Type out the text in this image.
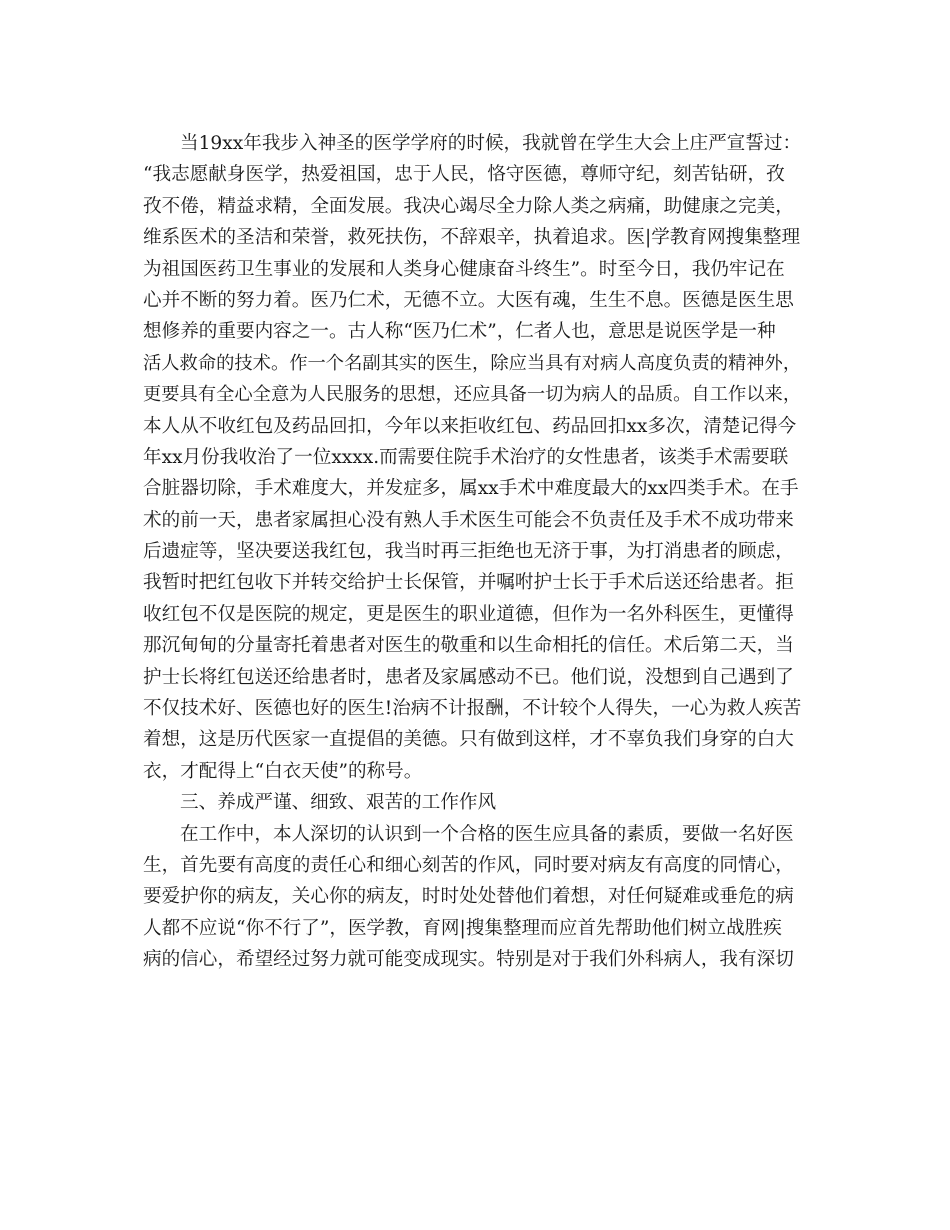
当19xx年我步入神圣的医学学府的时候，我就曾在学生大会上庄严宣誓过：
“我志愿献身医学，热爱祖国，忠于人民，恪守医德，尊师守纪，刻苦钻研，孜
孜不倦，精益求精，全面发展。我决心竭尽全力除人类之病痛，助健康之完美，
维系医术的圣洁和荣誉，救死扶伤，不辞艰辛，执着追求。医|学教育网搜集整理
为祖国医药卫生事业的发展和人类身心健康奋斗终生”。时至今日，我仍牢记在
心并不断的努力着。医乃仁术，无德不立。大医有魂，生生不息。医德是医生思
想修养的重要内容之一。古人称“医乃仁术”，仁者人也，意思是说医学是一种
活人救命的技术。作一个名副其实的医生，除应当具有对病人高度负责的精神外，
更要具有全心全意为人民服务的思想，还应具备一切为病人的品质。自工作以来，
本人从不收红包及药品回扣，今年以来拒收红包、药品回扣xx多次，清楚记得今
年xx月份我收治了一位xxxx.而需要住院手术治疗的女性患者，该类手术需要联
合脏器切除，手术难度大，并发症多，属xx手术中难度最大的xx四类手术。在手
术的前一天，患者家属担心没有熟人手术医生可能会不负责任及手术不成功带来
后遗症等，坚决要送我红包，我当时再三拒绝也无济于事，为打消患者的顾虑，
我暂时把红包收下并转交给护士长保管，并嘱咐护士长于手术后送还给患者。拒
收红包不仅是医院的规定，更是医生的职业道德，但作为一名外科医生，更懂得
那沉甸甸的分量寄托着患者对医生的敬重和以生命相托的信任。术后第二天，当
护士长将红包送还给患者时，患者及家属感动不已。他们说，没想到自己遇到了
不仅技术好、医德也好的医生!治病不计报酬，不计较个人得失，一心为救人疾苦
着想，这是历代医家一直提倡的美德。只有做到这样，才不辜负我们身穿的白大
衣，才配得上“白衣天使”的称号。
三、养成严谨、细致、艰苦的工作作风
在工作中，本人深切的认识到一个合格的医生应具备的素质，要做一名好医
生，首先要有高度的责任心和细心刻苦的作风，同时要对病友有高度的同情心，
要爱护你的病友，关心你的病友，时时处处替他们着想，对任何疑难或垂危的病
人都不应说“你不行了”，医学教，育网|搜集整理而应首先帮助他们树立战胜疾
病的信心，希望经过努力就可能变成现实。特别是对于我们外科病人，我有深切
